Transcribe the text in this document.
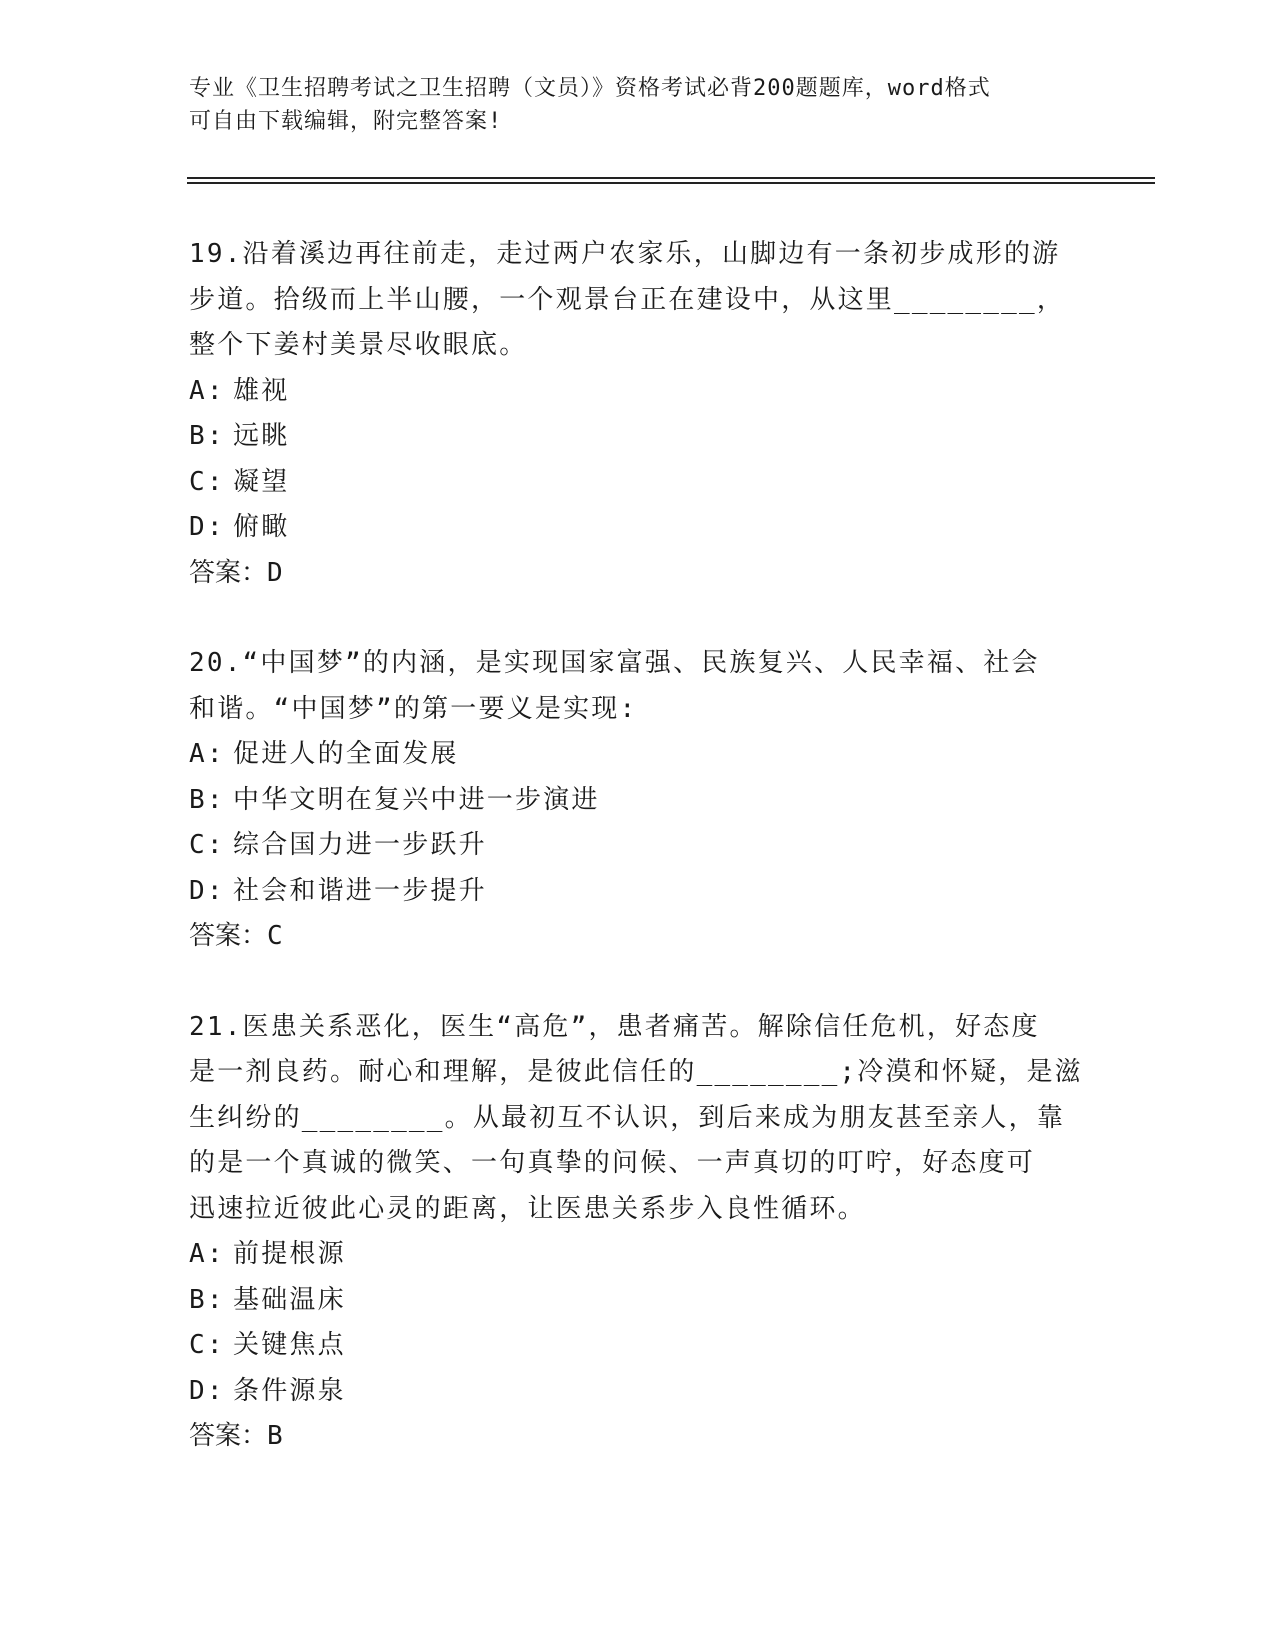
专业《卫生招聘考试之卫生招聘（文员）》资格考试必背200题题库，word格式
可自由下载编辑，附完整答案!
19.沿着溪边再往前走，走过两户农家乐，山脚边有一条初步成形的游
步道。拾级而上半山腰，一个观景台正在建设中，从这里________，
整个下姜村美景尽收眼底。
A: 雄视
B: 远眺
C: 凝望
D: 俯瞰
答案：D
20.“中国梦”的内涵，是实现国家富强、民族复兴、人民幸福、社会
和谐。“中国梦”的第一要义是实现:
A: 促进人的全面发展
B: 中华文明在复兴中进一步演进
C: 综合国力进一步跃升
D: 社会和谐进一步提升
答案：C
21.医患关系恶化，医生“高危”，患者痛苦。解除信任危机，好态度
是一剂良药。耐心和理解，是彼此信任的________;冷漠和怀疑，是滋
生纠纷的________。从最初互不认识，到后来成为朋友甚至亲人，靠
的是一个真诚的微笑、一句真挚的问候、一声真切的叮咛，好态度可
迅速拉近彼此心灵的距离，让医患关系步入良性循环。
A: 前提根源
B: 基础温床
C: 关键焦点
D: 条件源泉
答案：B
